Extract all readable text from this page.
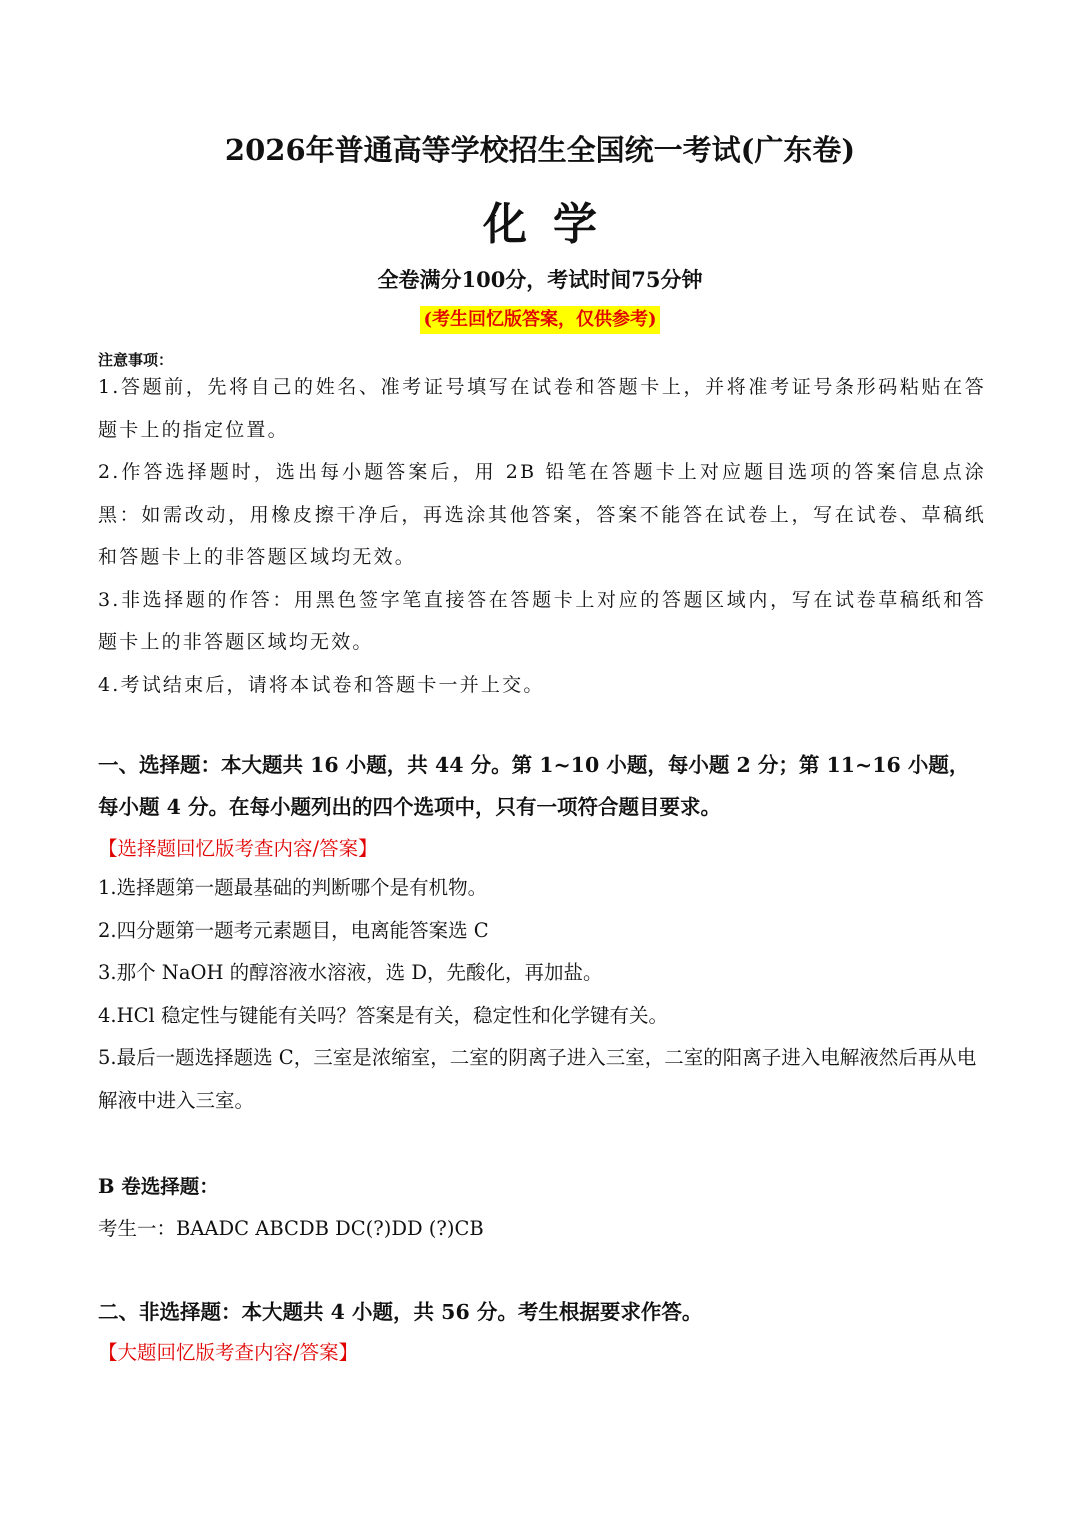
2026年普通高等学校招生全国统一考试(广东卷)
化学
全卷满分100分，考试时间75分钟
(考生回忆版答案，仅供参考)
注意事项：

1.答题前，先将自己的姓名、准考证号填写在试卷和答题卡上，并将准考证号条形码粘贴在答题卡上的指定位置。

2.作答选择题时，选出每小题答案后，用 2B 铅笔在答题卡上对应题目选项的答案信息点涂黑：如需改动，用橡皮擦干净后，再选涂其他答案，答案不能答在试卷上，写在试卷、草稿纸 和答题卡上的非答题区域均无效。

3.非选择题的作答：用黑色签字笔直接答在答题卡上对应的答题区域内，写在试卷草稿纸和答 题卡上的非答题区域均无效。

4.考试结束后，请将本试卷和答题卡一并上交。

一、选择题：本大题共 16 小题，共 44 分。第 1~10 小题，每小题 2 分；第 11~16 小题，每小题 4 分。在每小题列出的四个选项中，只有一项符合题目要求。
【选择题回忆版考查内容/答案】

1.选择题第一题最基础的判断哪个是有机物。

2.四分题第一题考元素题目，电离能答案选 C

3.那个 NaOH 的醇溶液水溶液，选 D，先酸化，再加盐。

4.HCl 稳定性与键能有关吗？答案是有关，稳定性和化学键有关。

5.最后一题选择题选 C，三室是浓缩室，二室的阴离子进入三室，二室的阳离子进入电解液然后再从电解液中进入三室。

B 卷选择题：
考生一：BAADC ABCDB DC(?)DD (?)CB
二、非选择题：本大题共 4 小题，共 56 分。考生根据要求作答。
【大题回忆版考查内容/答案】
